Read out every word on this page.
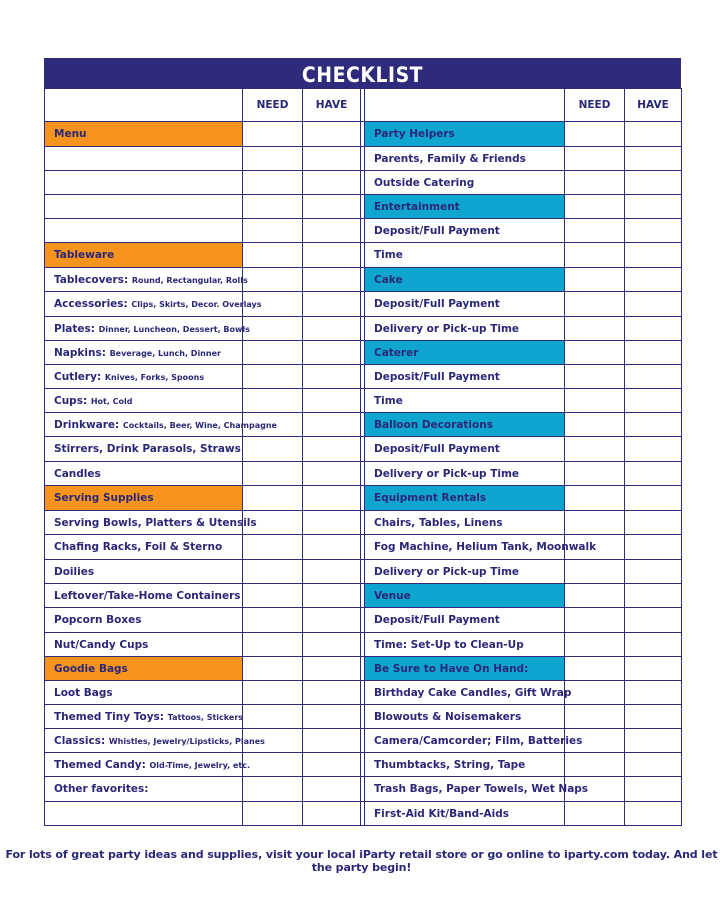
CHECKLIST
	NEED	HAVE			NEED	HAVE
Menu				Party Helpers		
				Parents, Family & Friends		
				Outside Catering		
				Entertainment		
				Deposit/Full Payment		
Tableware				Time		
Tablecovers: Round, Rectangular, Rolls				Cake		
Accessories: Clips, Skirts, Decor. Overlays				Deposit/Full Payment		
Plates: Dinner, Luncheon, Dessert, Bowls				Delivery or Pick-up Time		
Napkins: Beverage, Lunch, Dinner				Caterer		
Cutlery: Knives, Forks, Spoons				Deposit/Full Payment		
Cups: Hot, Cold				Time		
Drinkware: Cocktails, Beer, Wine, Champagne				Balloon Decorations		
Stirrers, Drink Parasols, Straws				Deposit/Full Payment		
Candles				Delivery or Pick-up Time		
Serving Supplies				Equipment Rentals		
Serving Bowls, Platters & Utensils				Chairs, Tables, Linens		
Chafing Racks, Foil & Sterno				Fog Machine, Helium Tank, Moonwalk		
Doilies				Delivery or Pick-up Time		
Leftover/Take-Home Containers				Venue		
Popcorn Boxes				Deposit/Full Payment		
Nut/Candy Cups				Time: Set-Up to Clean-Up		
Goodie Bags				Be Sure to Have On Hand:		
Loot Bags				Birthday Cake Candles, Gift Wrap		
Themed Tiny Toys: Tattoos, Stickers				Blowouts & Noisemakers		
Classics: Whistles, Jewelry/Lipsticks, Planes				Camera/Camcorder; Film, Batteries		
Themed Candy: Old-Time, Jewelry, etc.				Thumbtacks, String, Tape		
Other favorites:				Trash Bags, Paper Towels, Wet Naps		
				First-Aid Kit/Band-Aids		
For lots of great party ideas and supplies, visit your local iParty retail store or go online to iparty.com today. And let the party begin!
